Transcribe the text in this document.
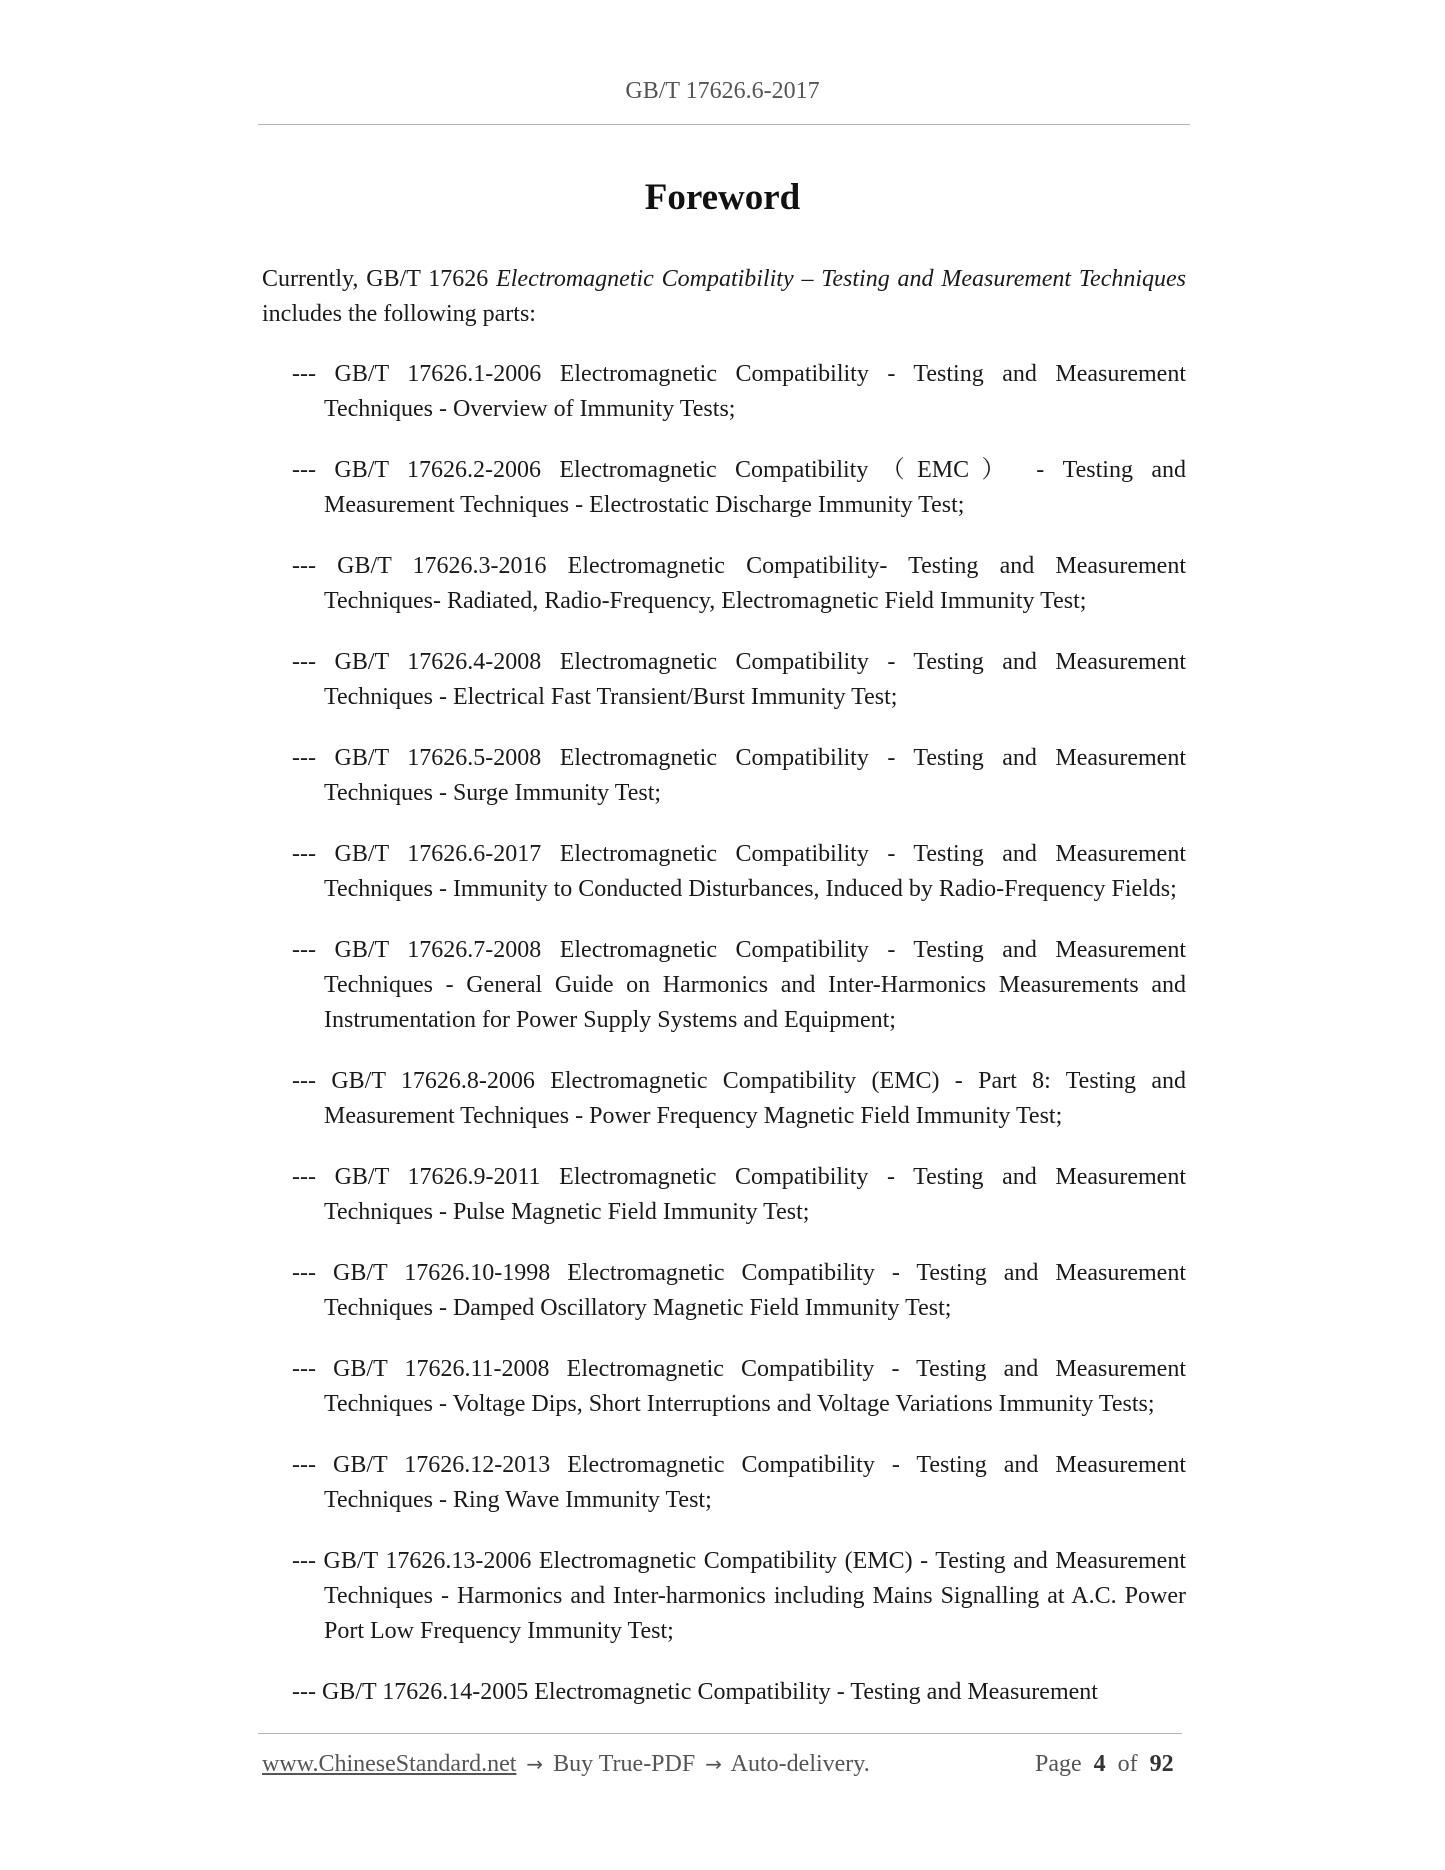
GB/T 17626.6-2017
Foreword

Currently, GB/T 17626 Electromagnetic Compatibility – Testing and Measurement Techniques includes the following parts:

--- GB/T 17626.1-2006 Electromagnetic Compatibility - Testing and Measurement Techniques - Overview of Immunity Tests;
--- GB/T 17626.2-2006 Electromagnetic Compatibility（EMC） - Testing and Measurement Techniques - Electrostatic Discharge Immunity Test;
--- GB/T 17626.3-2016 Electromagnetic Compatibility- Testing and Measurement Techniques- Radiated, Radio-Frequency, Electromagnetic Field Immunity Test;
--- GB/T 17626.4-2008 Electromagnetic Compatibility - Testing and Measurement Techniques - Electrical Fast Transient/Burst Immunity Test;
--- GB/T 17626.5-2008 Electromagnetic Compatibility - Testing and Measurement Techniques - Surge Immunity Test;
--- GB/T 17626.6-2017 Electromagnetic Compatibility - Testing and Measurement Techniques - Immunity to Conducted Disturbances, Induced by Radio-Frequency Fields;
--- GB/T 17626.7-2008 Electromagnetic Compatibility - Testing and Measurement Techniques - General Guide on Harmonics and Inter-Harmonics Measurements and Instrumentation for Power Supply Systems and Equipment;
--- GB/T 17626.8-2006 Electromagnetic Compatibility (EMC) - Part 8: Testing and Measurement Techniques - Power Frequency Magnetic Field Immunity Test;
--- GB/T 17626.9-2011 Electromagnetic Compatibility - Testing and Measurement Techniques - Pulse Magnetic Field Immunity Test;
--- GB/T 17626.10-1998 Electromagnetic Compatibility - Testing and Measurement Techniques - Damped Oscillatory Magnetic Field Immunity Test;
--- GB/T 17626.11-2008 Electromagnetic Compatibility - Testing and Measurement Techniques - Voltage Dips, Short Interruptions and Voltage Variations Immunity Tests;
--- GB/T 17626.12-2013 Electromagnetic Compatibility - Testing and Measurement Techniques - Ring Wave Immunity Test;
--- GB/T 17626.13-2006 Electromagnetic Compatibility (EMC) - Testing and Measurement Techniques - Harmonics and Inter-harmonics including Mains Signalling at A.C. Power Port Low Frequency Immunity Test;
--- GB/T 17626.14-2005 Electromagnetic Compatibility - Testing and Measurement
www.ChineseStandard.net → Buy True-PDF → Auto-delivery.	Page 4 of 92
